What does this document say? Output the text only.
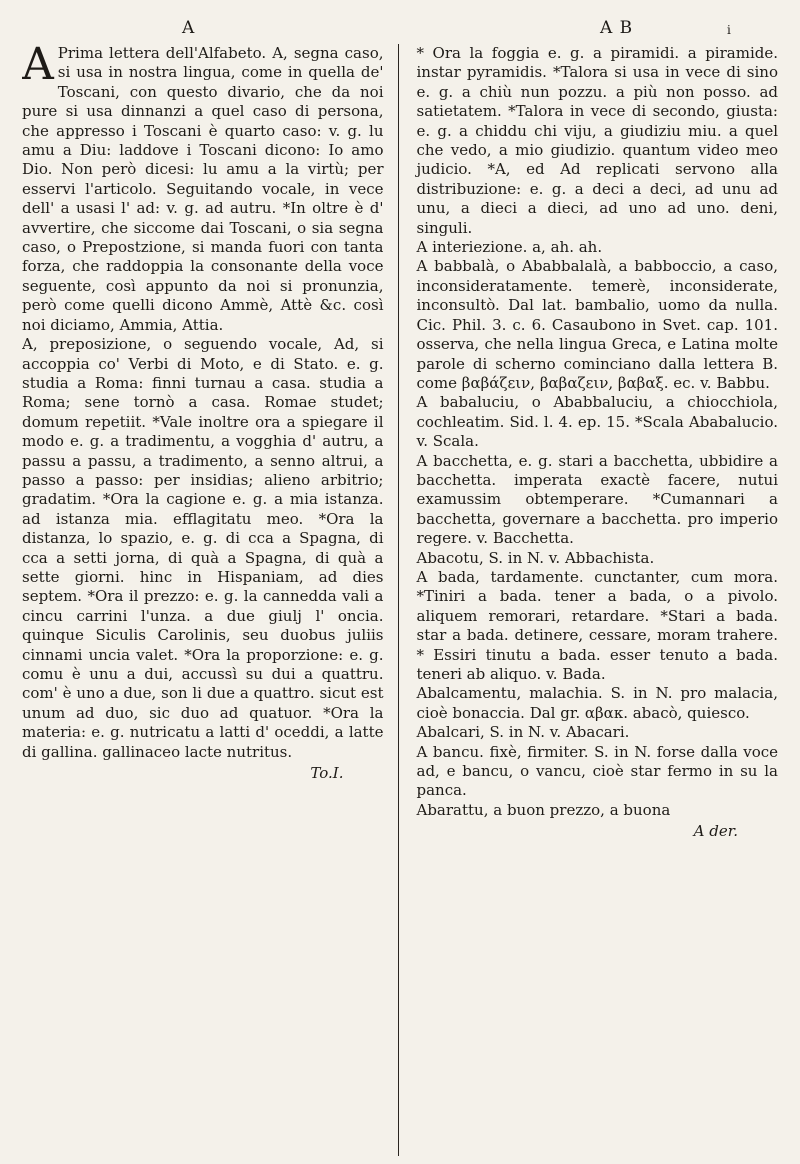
A	A B	i
A Prima lettera dell'Alfabeto. A, segna caso, si usa in nostra lingua, come in quella de' Toscani, con questo divario, che da noi pure si usa dinnanzi a quel caso di persona, che appresso i Toscani è quarto caso: v. g. lu amu a Diu: laddove i Toscani dicono: Io amo Dio. Non però dicesi: lu amu a la virtù; per esservi l'articolo. Seguitando vocale, in vece dell' a usasi l' ad: v. g. ad autru. *In oltre è d' avvertire, che siccome dai Toscani, o sia segna caso, o Prepostzione, si manda fuori con tanta forza, che raddoppia la consonante della voce seguente, così appunto da noi si pronunzia, però come quelli dicono Ammè, Attè &c. così noi diciamo, Ammia, Attia.

A, preposizione, o seguendo vocale, Ad, si accoppia co' Verbi di Moto, e di Stato. e. g. studia a Roma: finni turnau a casa. studia a Roma; sene tornò a casa. Romae studet; domum repetiit. *Vale inoltre ora a spiegare il modo e. g. a tradimentu, a vogghia d' autru, a passu a passu, a tradimento, a senno altrui, a passo a passo: per insidias; alieno arbitrio; gradatim. *Ora la cagione e. g. a mia istanza. ad istanza mia. efflagitatu meo. *Ora la distanza, lo spazio, e. g. di cca a Spagna, di cca a setti jorna, di quà a Spagna, di quà a sette giorni. hinc in Hispaniam, ad dies septem. *Ora il prezzo: e. g. la cannedda vali a cincu carrini l'unza. a due giulj l' oncia. quinque Siculis Carolinis, seu duobus juliis cinnami uncia valet. *Ora la proporzione: e. g. comu è unu a dui, accussì su dui a quattru. com' è uno a due, son li due a quattro. sicut est unum ad duo, sic duo ad quatuor. *Ora la materia: e. g. nutricatu a latti d' oceddi, a latte di gallina. gallinaceo lacte nutritus.

To.I.

* Ora la foggia e. g. a piramidi. a piramide. instar pyramidis. *Talora si usa in vece di sino e. g. a chiù nun pozzu. a più non posso. ad satietatem. *Talora in vece di secondo, giusta: e. g. a chiddu chi viju, a giudiziu miu. a quel che vedo, a mio giudizio. quantum video meo judicio. *A, ed Ad replicati servono alla distribuzione: e. g. a deci a deci, ad unu ad unu, a dieci a dieci, ad uno ad uno. deni, singuli.

A interiezione. a, ah. ah.

A babbalà, o Ababbalalà, a babboccio, a caso, inconsideratamente. temerè, inconsiderate, inconsultò. Dal lat. bambalio, uomo da nulla. Cic. Phil. 3. c. 6. Casaubono in Svet. cap. 101. osserva, che nella lingua Greca, e Latina molte parole di scherno cominciano dalla lettera B. come βαβάζειν, βαβαζειν, βαβαξ. ec. v. Babbu.

A babaluciu, o Ababbaluciu, a chiocchiola, cochleatim. Sid. l. 4. ep. 15. *Scala Ababalucio. v. Scala.

A bacchetta, e. g. stari a bacchetta, ubbidire a bacchetta. imperata exactè facere, nutui examussim obtemperare. *Cumannari a bacchetta, governare a bacchetta. pro imperio regere. v. Bacchetta.

Abacotu, S. in N. v. Abbachista.

A bada, tardamente. cunctanter, cum mora. *Tiniri a bada. tener a bada, o a pivolo. aliquem remorari, retardare. *Stari a bada. star a bada. detinere, cessare, moram trahere. * Essiri tinutu a bada. esser tenuto a bada. teneri ab aliquo. v. Bada.

Abalcamentu, malachia. S. in N. pro malacia, cioè bonaccia. Dal gr. αβακ. abacò, quiesco.

Abalcari, S. in N. v. Abacari.

A bancu. fixè, firmiter. S. in N. forse dalla voce ad, e bancu, o vancu, cioè star fermo in su la panca.

Abarattu, a buon prezzo, a buona

A der.
